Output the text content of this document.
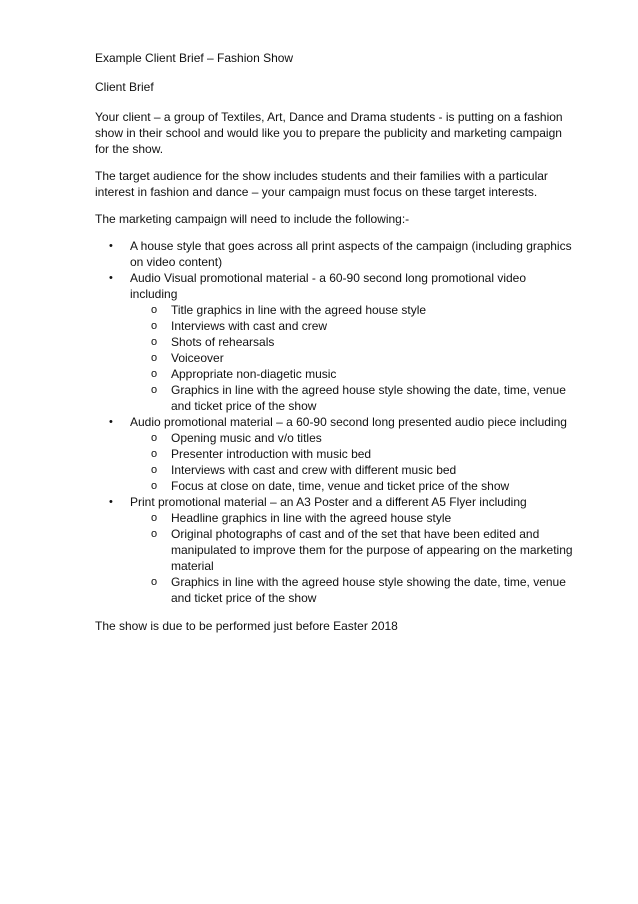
Example Client Brief – Fashion Show

Client Brief

Your client – a group of Textiles, Art, Dance and Drama students - is putting on a fashion show in their school and would like you to prepare the publicity and marketing campaign for the show.

The target audience for the show includes students and their families with a particular interest in fashion and dance – your campaign must focus on these target interests.

The marketing campaign will need to include the following:-

• A house style that goes across all print aspects of the campaign (including graphics on video content)
• Audio Visual promotional material - a 60-90 second long promotional video including
o Title graphics in line with the agreed house style
o Interviews with cast and crew
o Shots of rehearsals
o Voiceover
o Appropriate non-diagetic music
o Graphics in line with the agreed house style showing the date, time, venue and ticket price of the show
• Audio promotional material – a 60-90 second long presented audio piece including
o Opening music and v/o titles
o Presenter introduction with music bed
o Interviews with cast and crew with different music bed
o Focus at close on date, time, venue and ticket price of the show
• Print promotional material – an A3 Poster and a different A5 Flyer including
o Headline graphics in line with the agreed house style
o Original photographs of cast and of the set that have been edited and manipulated to improve them for the purpose of appearing on the marketing material
o Graphics in line with the agreed house style showing the date, time, venue and ticket price of the show

The show is due to be performed just before Easter 2018
